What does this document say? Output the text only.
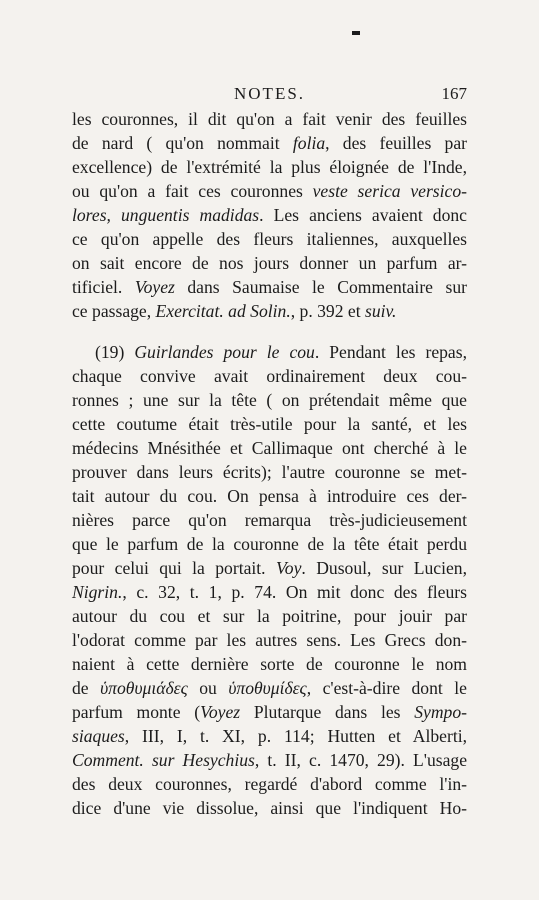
NOTES.	167
les couronnes, il dit qu'on a fait venir des feuilles
de nard ( qu'on nommait folia, des feuilles par
excellence) de l'extrémité la plus éloignée de l'Inde,
ou qu'on a fait ces couronnes veste serica versico-
lores, unguentis madidas. Les anciens avaient donc
ce qu'on appelle des fleurs italiennes, auxquelles
on sait encore de nos jours donner un parfum ar-
tificiel. Voyez dans Saumaise le Commentaire sur
ce passage, Exercitat. ad Solin., p. 392 et suiv.
(19) Guirlandes pour le cou. Pendant les repas,
chaque convive avait ordinairement deux cou-
ronnes ; une sur la tête ( on prétendait même que
cette coutume était très-utile pour la santé, et les
médecins Mnésithée et Callimaque ont cherché à le
prouver dans leurs écrits); l'autre couronne se met-
tait autour du cou. On pensa à introduire ces der-
nières parce qu'on remarqua très-judicieusement
que le parfum de la couronne de la tête était perdu
pour celui qui la portait. Voy. Dusoul, sur Lucien,
Nigrin., c. 32, t. 1, p. 74. On mit donc des fleurs
autour du cou et sur la poitrine, pour jouir par
l'odorat comme par les autres sens. Les Grecs don-
naient à cette dernière sorte de couronne le nom
de ὑποθυμιάδες ou ὑποθυμίδες, c'est-à-dire dont le
parfum monte (Voyez Plutarque dans les Sympo-
siaques, III, I, t. XI, p. 114; Hutten et Alberti,
Comment. sur Hesychius, t. II, c. 1470, 29). L'usage
des deux couronnes, regardé d'abord comme l'in-
dice d'une vie dissolue, ainsi que l'indiquent Ho-
